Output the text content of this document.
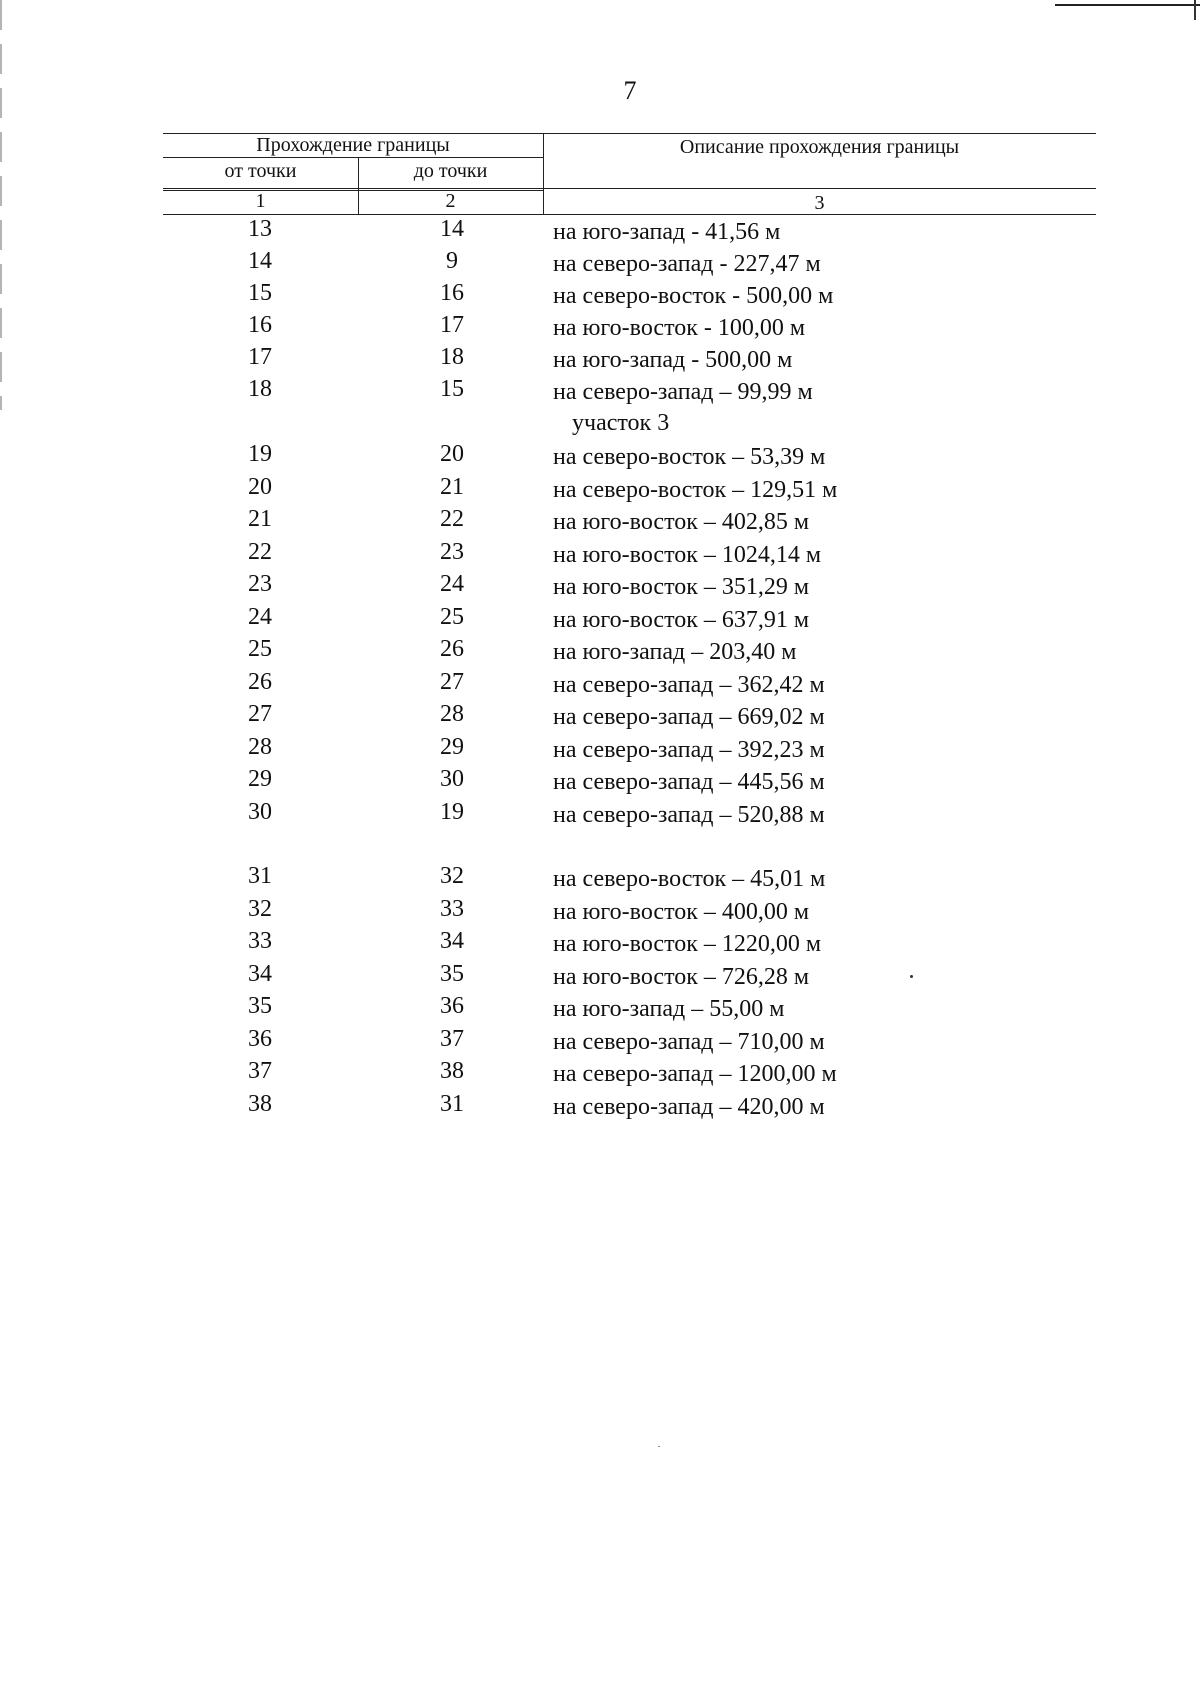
7
Прохождение границы
от точки	до точки
Описание прохождения границы
1	2	3
13	14	на юго-запад - 41,56 м
14	9	на северо-запад - 227,47 м
15	16	на северо-восток - 500,00 м
16	17	на юго-восток - 100,00 м
17	18	на юго-запад - 500,00 м
18	15	на северо-запад – 99,99 м
участок 3
19	20	на северо-восток – 53,39 м
20	21	на северо-восток – 129,51 м
21	22	на юго-восток – 402,85 м
22	23	на юго-восток – 1024,14 м
23	24	на юго-восток – 351,29 м
24	25	на юго-восток – 637,91 м
25	26	на юго-запад – 203,40 м
26	27	на северо-запад – 362,42 м
27	28	на северо-запад – 669,02 м
28	29	на северо-запад – 392,23 м
29	30	на северо-запад – 445,56 м
30	19	на северо-запад – 520,88 м
31	32	на северо-восток – 45,01 м
32	33	на юго-восток – 400,00 м
33	34	на юго-восток – 1220,00 м
34	35	на юго-восток – 726,28 м
35	36	на юго-запад – 55,00 м
36	37	на северо-запад – 710,00 м
37	38	на северо-запад – 1200,00 м
38	31	на северо-запад – 420,00 м
